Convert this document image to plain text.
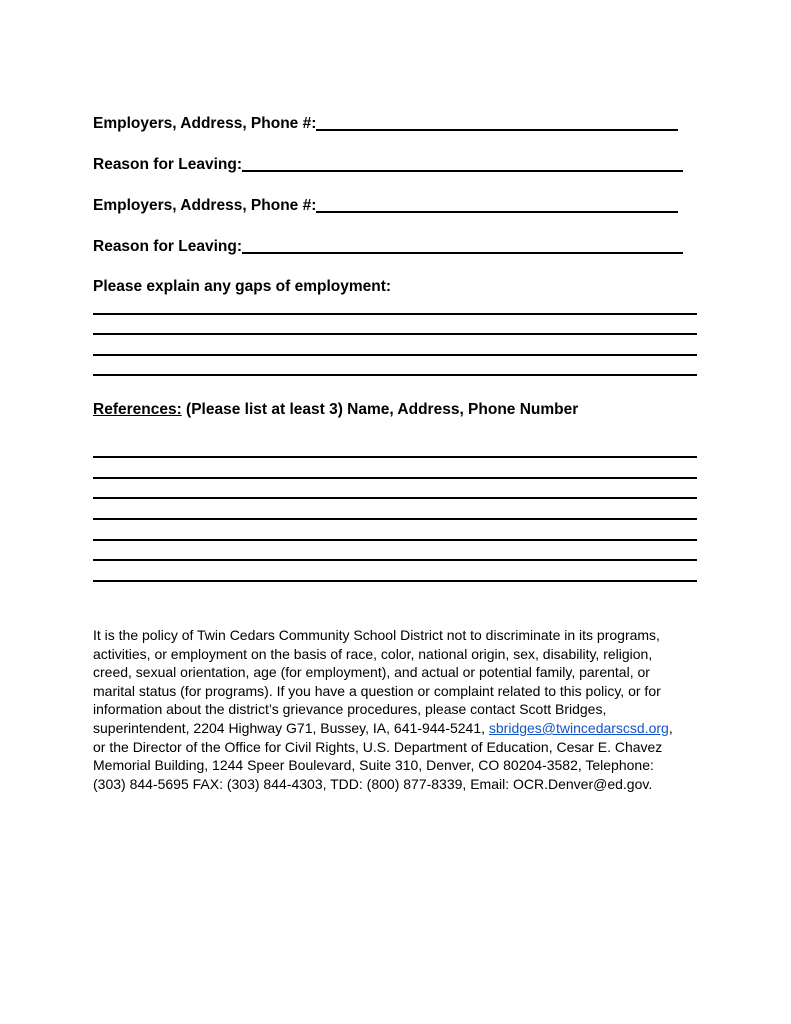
Employers, Address, Phone #:
Reason for Leaving:
Employers, Address, Phone #:
Reason for Leaving:
Please explain any gaps of employment:
References: (Please list at least 3) Name, Address, Phone Number
It is the policy of Twin Cedars Community School District not to discriminate in its programs,
activities, or employment on the basis of race, color, national origin, sex, disability, religion,
creed, sexual orientation, age (for employment), and actual or potential family, parental, or
marital status (for programs). If you have a question or complaint related to this policy, or for
information about the district’s grievance procedures, please contact Scott Bridges,
superintendent, 2204 Highway G71, Bussey, IA, 641-944-5241, sbridges@twincedarscsd.org,
or the Director of the Office for Civil Rights, U.S. Department of Education, Cesar E. Chavez
Memorial Building, 1244 Speer Boulevard, Suite 310, Denver, CO 80204-3582, Telephone:
(303) 844-5695 FAX: (303) 844-4303, TDD: (800) 877-8339, Email: OCR.Denver@ed.gov.
